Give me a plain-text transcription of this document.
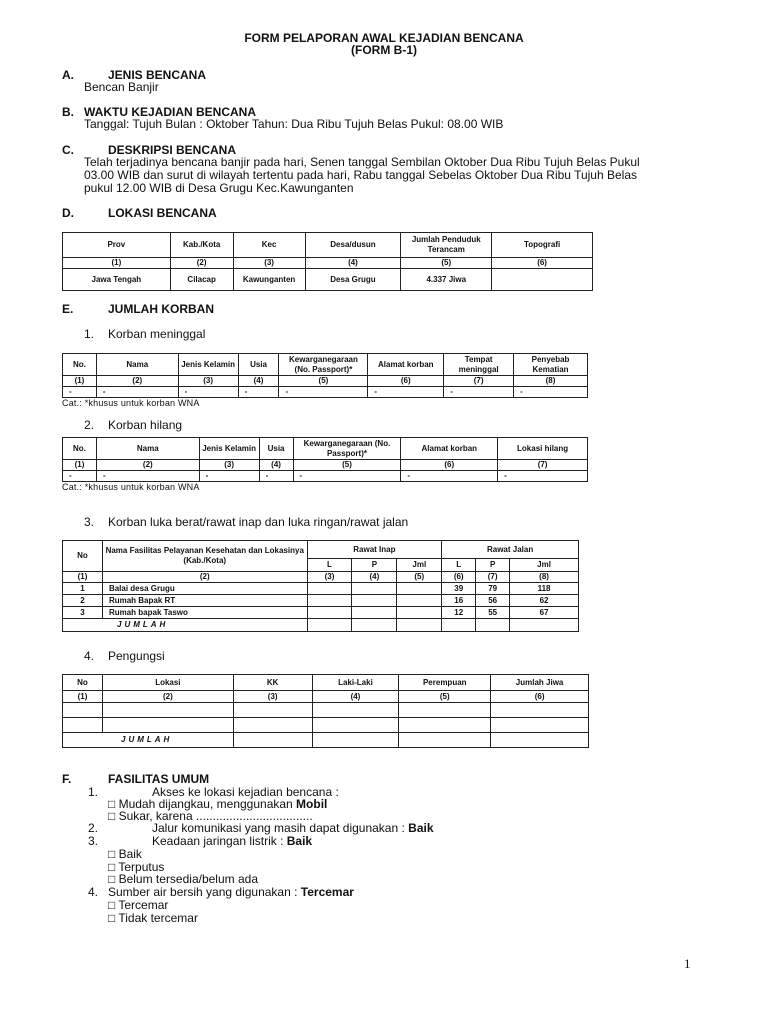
FORM PELAPORAN AWAL KEJADIAN BENCANA
(FORM B-1)
A.	JENIS BENCANA
Bencan Banjir
B. WAKTU KEJADIAN BENCANA
Tanggal: Tujuh Bulan : Oktober Tahun: Dua Ribu Tujuh Belas Pukul: 08.00 WIB
C.	DESKRIPSI BENCANA
Telah terjadinya bencana banjir pada hari, Senen tanggal Sembilan Oktober Dua Ribu Tujuh Belas Pukul
03.00 WIB dan surut di wilayah tertentu pada hari, Rabu tanggal Sebelas Oktober Dua Ribu Tujuh Belas
pukul 12.00 WIB di Desa Grugu Kec.Kawunganten
D.	LOKASI BENCANA
Prov	Kab./Kota	Kec	Desa/dusun	Jumlah Penduduk Terancam	Topografi
(1)	(2)	(3)	(4)	(5)	(6)
Jawa Tengah	Cilacap	Kawunganten	Desa Grugu	4.337 Jiwa	
E.	JUMLAH KORBAN
1. Korban meninggal
No.	Nama	Jenis Kelamin	Usia	Kewarganegaraan (No. Passport)*	Alamat korban	Tempat meninggal	Penyebab Kematian
(1)	(2)	(3)	(4)	(5)	(6)	(7)	(8)
-	-	-	-	-	-	-	-
Cat.: *khusus untuk korban WNA
2. Korban hilang
No.	Nama	Jenis Kelamin	Usia	Kewarganegaraan (No. Passport)*	Alamat korban	Lokasi hilang
(1)	(2)	(3)	(4)	(5)	(6)	(7)
-	-	-	-	-	-	-
Cat.: *khusus untuk korban WNA
3. Korban luka berat/rawat inap dan luka ringan/rawat jalan
No	Nama Fasilitas Pelayanan Kesehatan dan Lokasinya (Kab./Kota)	Rawat Inap			Rawat Jalan		
		L	P	Jml	L	P	Jml
(1)	(2)	(3)	(4)	(5)	(6)	(7)	(8)
1	Balai desa Grugu				39	79	118
2	Rumah Bapak RT				16	56	62
3	Rumah bapak Taswo				12	55	67
JUMLAH							
4. Pengungsi
No	Lokasi	KK	Laki-Laki	Perempuan	Jumlah Jiwa
(1)	(2)	(3)	(4)	(5)	(6)

JUMLAH					
F.	FASILITAS UMUM
1.	Akses ke lokasi kejadian bencana :
□ Mudah dijangkau, menggunakan Mobil
□ Sukar, karena ...................................
2.	Jalur komunikasi yang masih dapat digunakan : Baik
3.	Keadaan jaringan listrik : Baik
□ Baik
□ Terputus
□ Belum tersedia/belum ada
4. Sumber air bersih yang digunakan : Tercemar
□ Tercemar
□ Tidak tercemar
1
